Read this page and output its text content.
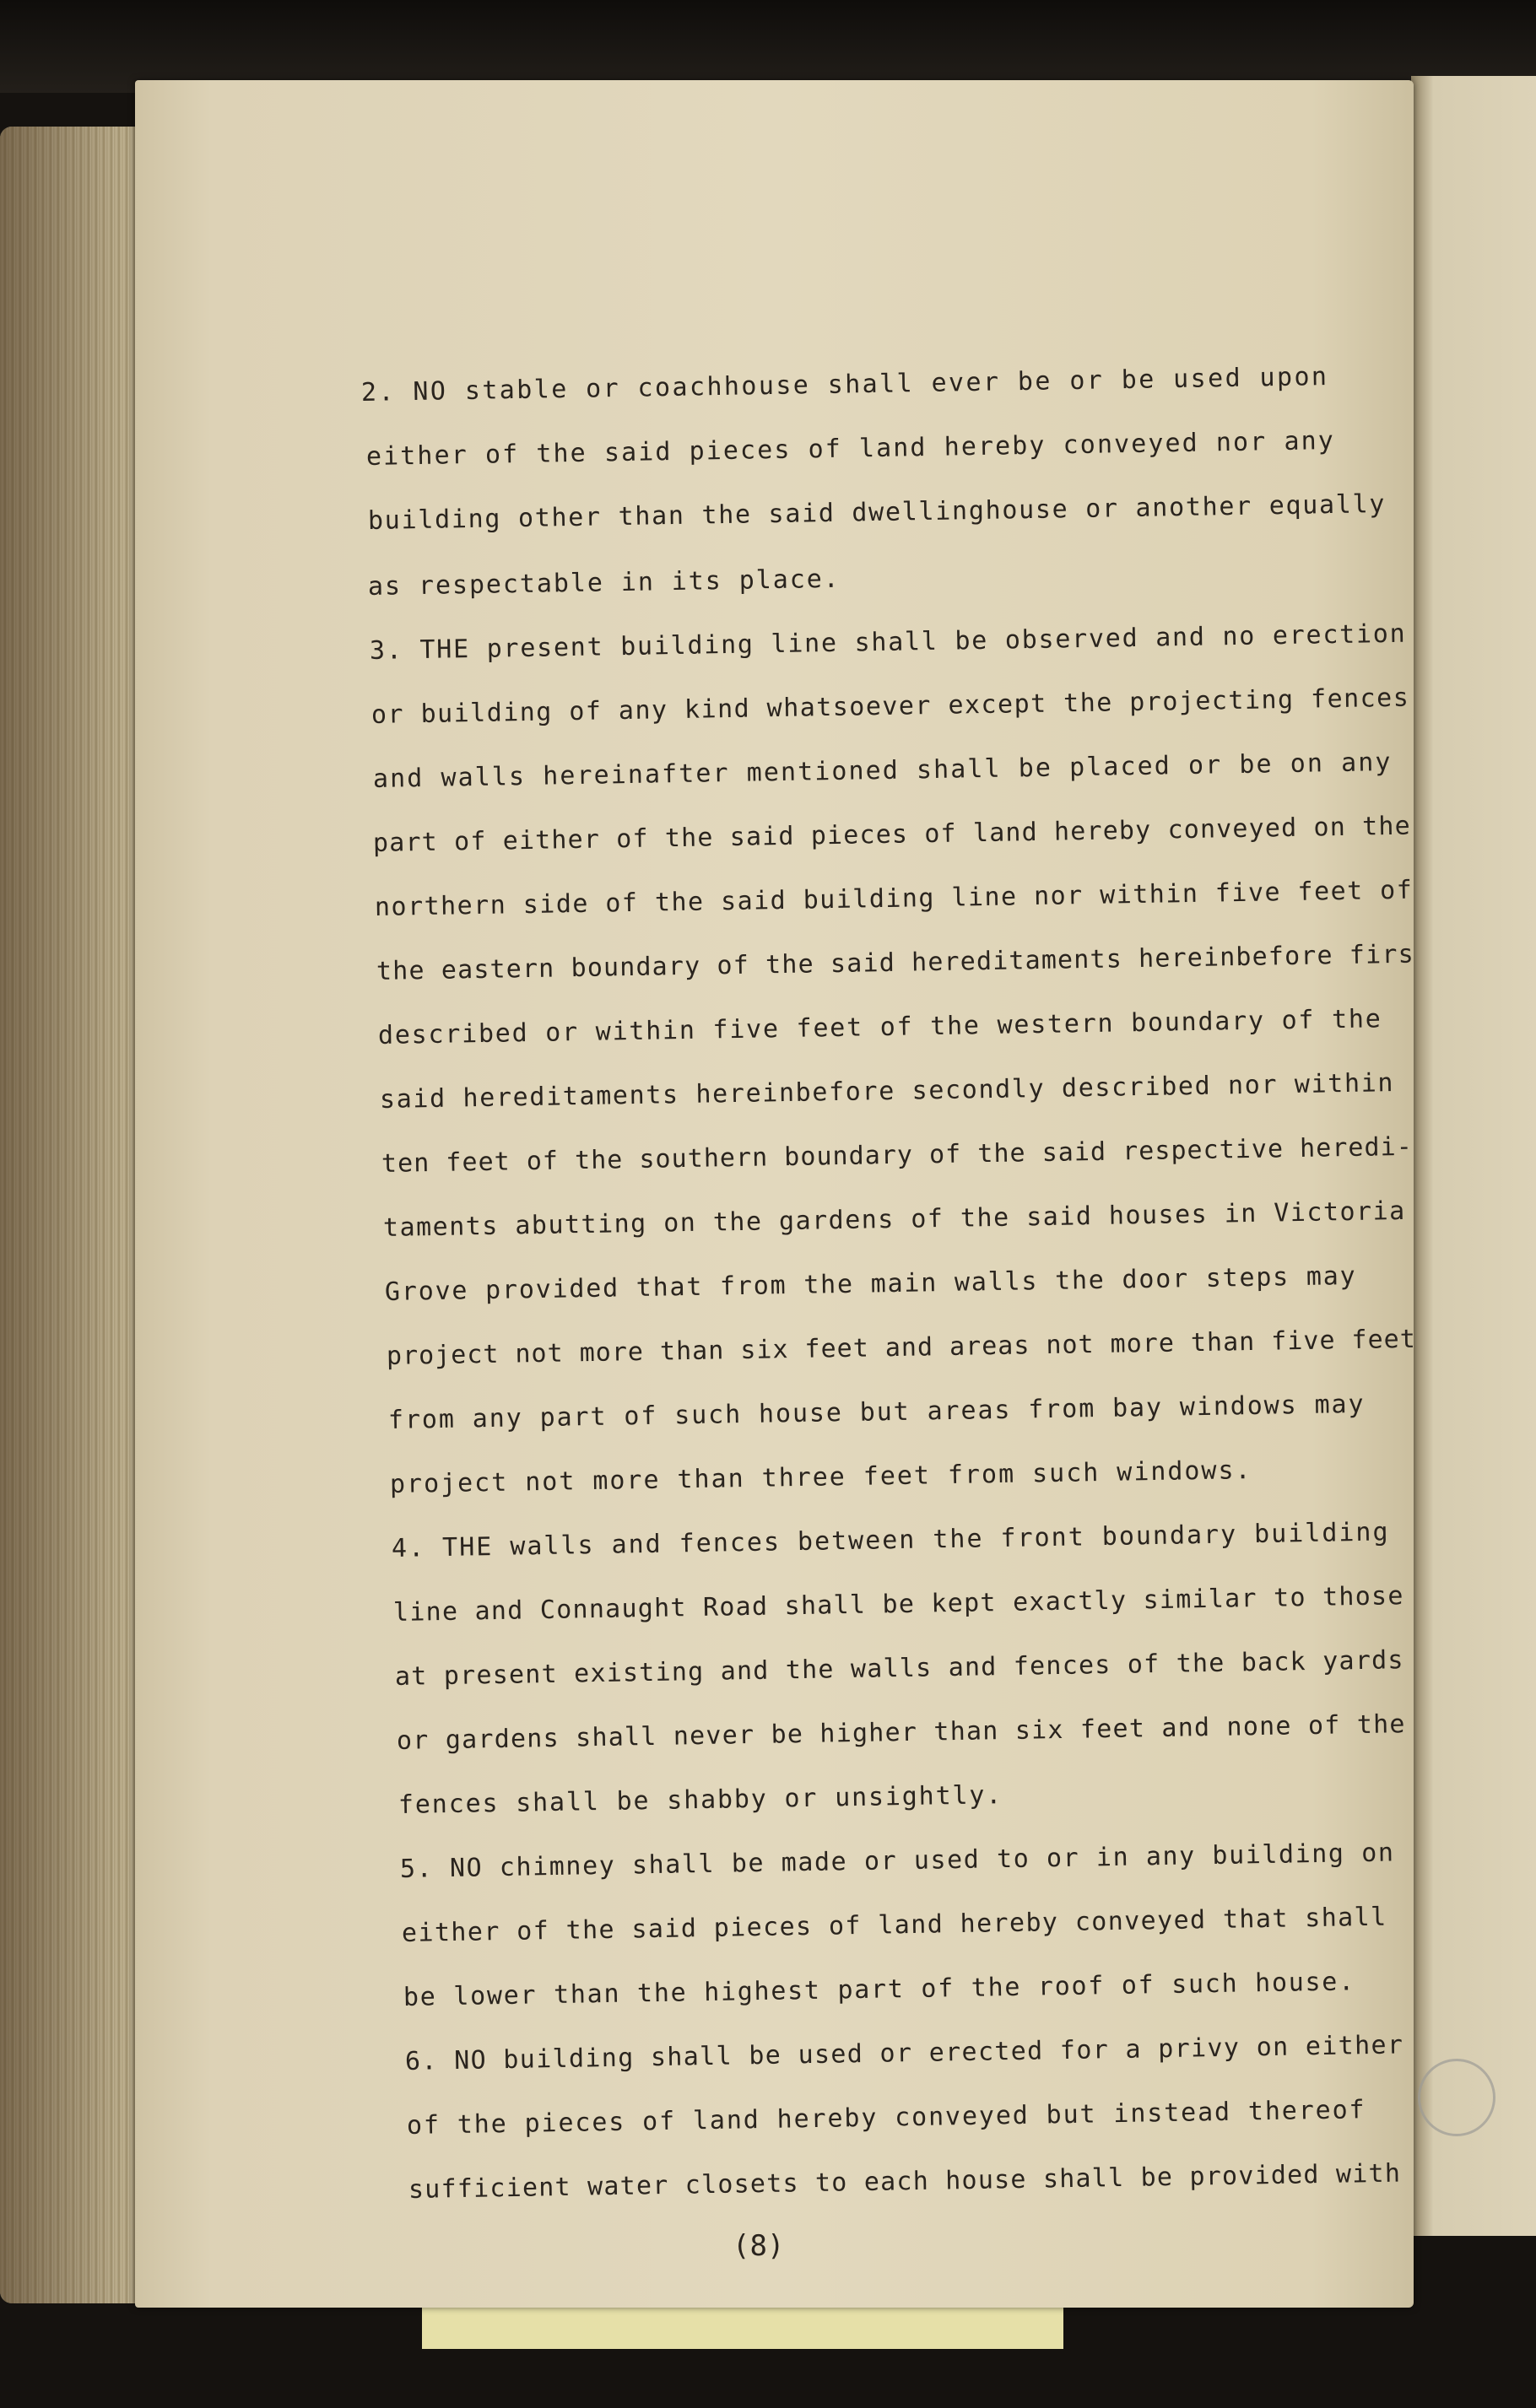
2. NO stable or coachhouse shall ever be or be used upon
either of the said pieces of land hereby conveyed nor any
building other than the said dwellinghouse or another equally
as respectable in its place.
3. THE present building line shall be observed and no erection
or building of any kind whatsoever except the projecting fences
and walls hereinafter mentioned shall be placed or be on any
part of either of the said pieces of land hereby conveyed on the
northern side of the said building line nor within five feet of
the eastern boundary of the said hereditaments hereinbefore firs
described or within five feet of the western boundary of the
said hereditaments hereinbefore secondly described nor within
ten feet of the southern boundary of the said respective heredi-
taments abutting on the gardens of the said houses in Victoria
Grove provided that from the main walls the door steps may
project not more than six feet and areas not more than five feet
from any part of such house but areas from bay windows may
project not more than three feet from such windows.
4. THE walls and fences between the front boundary building
line and Connaught Road shall be kept exactly similar to those
at present existing and the walls and fences of the back yards
or gardens shall never be higher than six feet and none of the
fences shall be shabby or unsightly.
5. NO chimney shall be made or used to or in any building on
either of the said pieces of land hereby conveyed that shall
be lower than the highest part of the roof of such house.
6. NO building shall be used or erected for a privy on either
of the pieces of land hereby conveyed but instead thereof
sufficient water closets to each house shall be provided with
(8)
